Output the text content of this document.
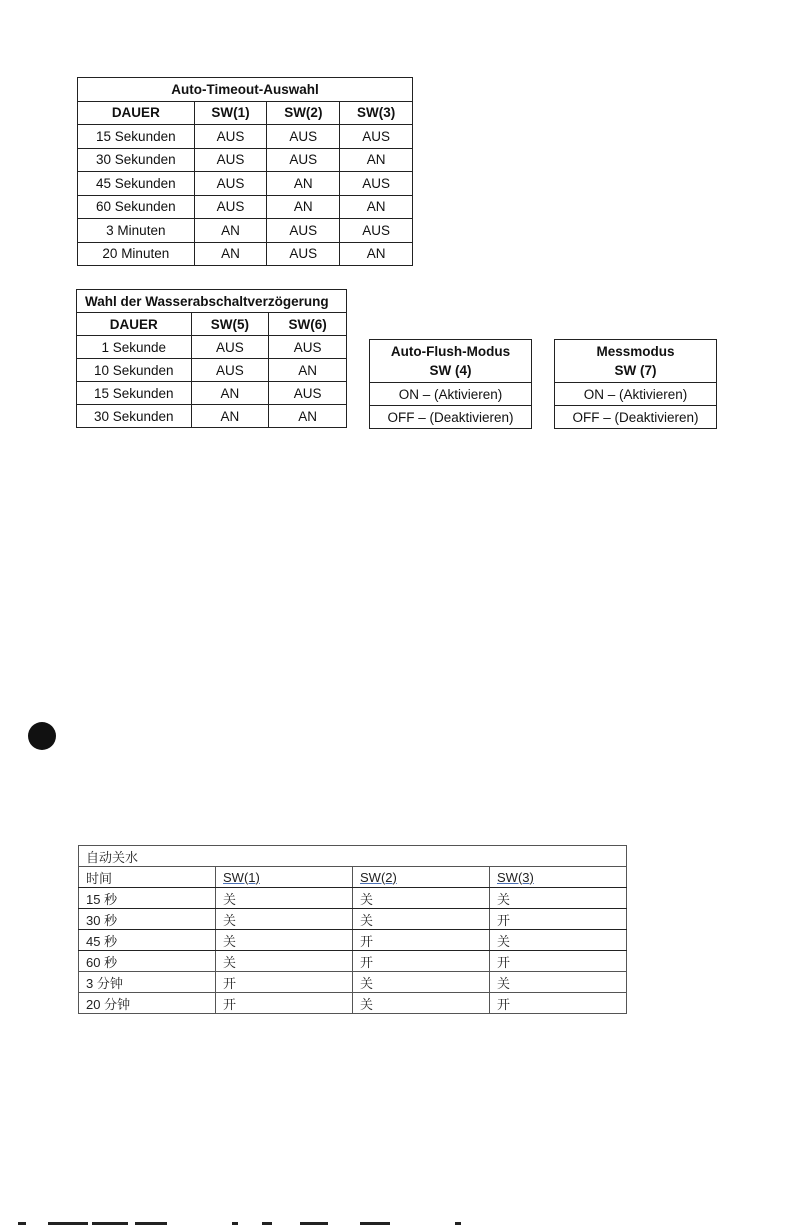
Auto-Timeout-Auswahl			
DAUER	SW(1)	SW(2)	SW(3)
15 Sekunden	AUS	AUS	AUS
30 Sekunden	AUS	AUS	AN
45 Sekunden	AUS	AN	AUS
60 Sekunden	AUS	AN	AN
3 Minuten	AN	AUS	AUS
20 Minuten	AN	AUS	AN
Wahl der Wasserabschaltverzögerung		
DAUER	SW(5)	SW(6)
1 Sekunde	AUS	AUS
10 Sekunden	AUS	AN
15 Sekunden	AN	AUS
30 Sekunden	AN	AN
Auto-Flush-Modus
SW (4)
ON – (Aktivieren)
OFF – (Deaktivieren)
Messmodus
SW (7)
ON – (Aktivieren)
OFF – (Deaktivieren)
自动关水			
时间	SW(1)	SW(2)	SW(3)
15 秒	关	关	关
30 秒	关	关	开
45 秒	关	开	关
60 秒	关	开	开
3 分钟	开	关	关
20 分钟	开	关	开
